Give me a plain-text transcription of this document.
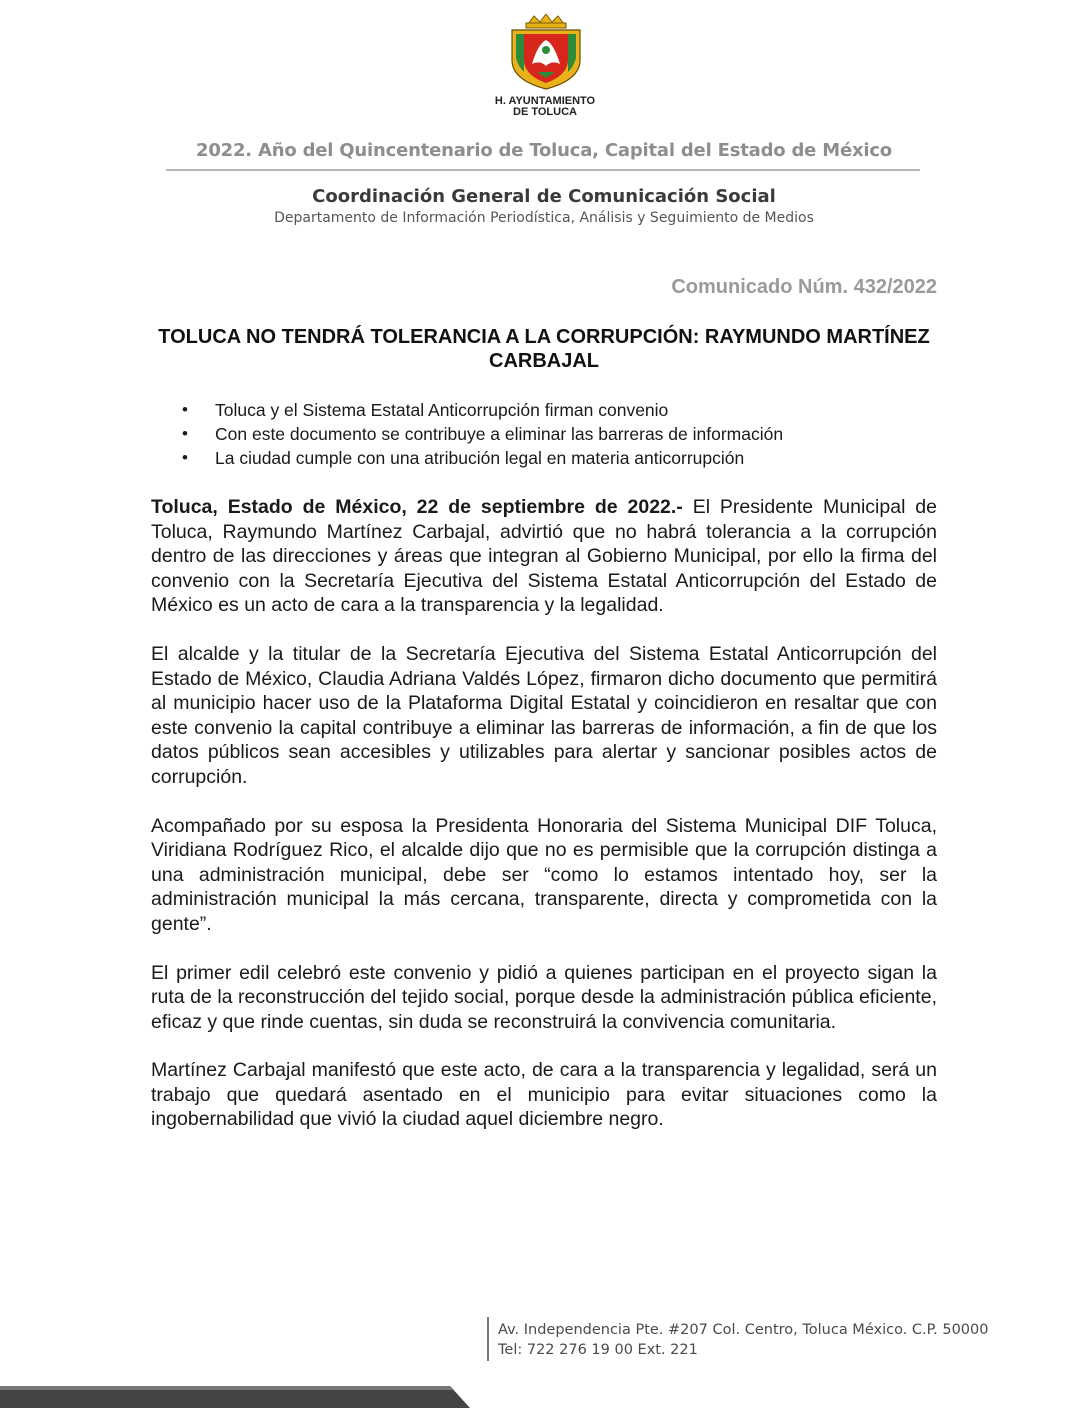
H. AYUNTAMIENTO
DE TOLUCA
2022. Año del Quincentenario de Toluca, Capital del Estado de México
Coordinación General de Comunicación Social
Departamento de Información Periodística, Análisis y Seguimiento de Medios
Comunicado Núm. 432/2022
TOLUCA NO TENDRÁ TOLERANCIA A LA CORRUPCIÓN: RAYMUNDO MARTÍNEZ CARBAJAL
• Toluca y el Sistema Estatal Anticorrupción firman convenio
• Con este documento se contribuye a eliminar las barreras de información
• La ciudad cumple con una atribución legal en materia anticorrupción

Toluca, Estado de México, 22 de septiembre de 2022.- El Presidente Municipal de Toluca, Raymundo Martínez Carbajal, advirtió que no habrá tolerancia a la corrupción dentro de las direcciones y áreas que integran al Gobierno Municipal, por ello la firma del convenio con la Secretaría Ejecutiva del Sistema Estatal Anticorrupción del Estado de México es un acto de cara a la transparencia y la legalidad.

El alcalde y la titular de la Secretaría Ejecutiva del Sistema Estatal Anticorrupción del Estado de México, Claudia Adriana Valdés López, firmaron dicho documento que permitirá al municipio hacer uso de la Plataforma Digital Estatal y coincidieron en resaltar que con este convenio la capital contribuye a eliminar las barreras de información, a fin de que los datos públicos sean accesibles y utilizables para alertar y sancionar posibles actos de corrupción.

Acompañado por su esposa la Presidenta Honoraria del Sistema Municipal DIF Toluca, Viridiana Rodríguez Rico, el alcalde dijo que no es permisible que la corrupción distinga a una administración municipal, debe ser “como lo estamos intentado hoy, ser la administración municipal la más cercana, transparente, directa y comprometida con la gente”.

El primer edil celebró este convenio y pidió a quienes participan en el proyecto sigan la ruta de la reconstrucción del tejido social, porque desde la administración pública eficiente, eficaz y que rinde cuentas, sin duda se reconstruirá la convivencia comunitaria.

Martínez Carbajal manifestó que este acto, de cara a la transparencia y legalidad, será un trabajo que quedará asentado en el municipio para evitar situaciones como la ingobernabilidad que vivió la ciudad aquel diciembre negro.

Av. Independencia Pte. #207 Col. Centro, Toluca México. C.P. 50000
Tel: 722 276 19 00 Ext. 221
